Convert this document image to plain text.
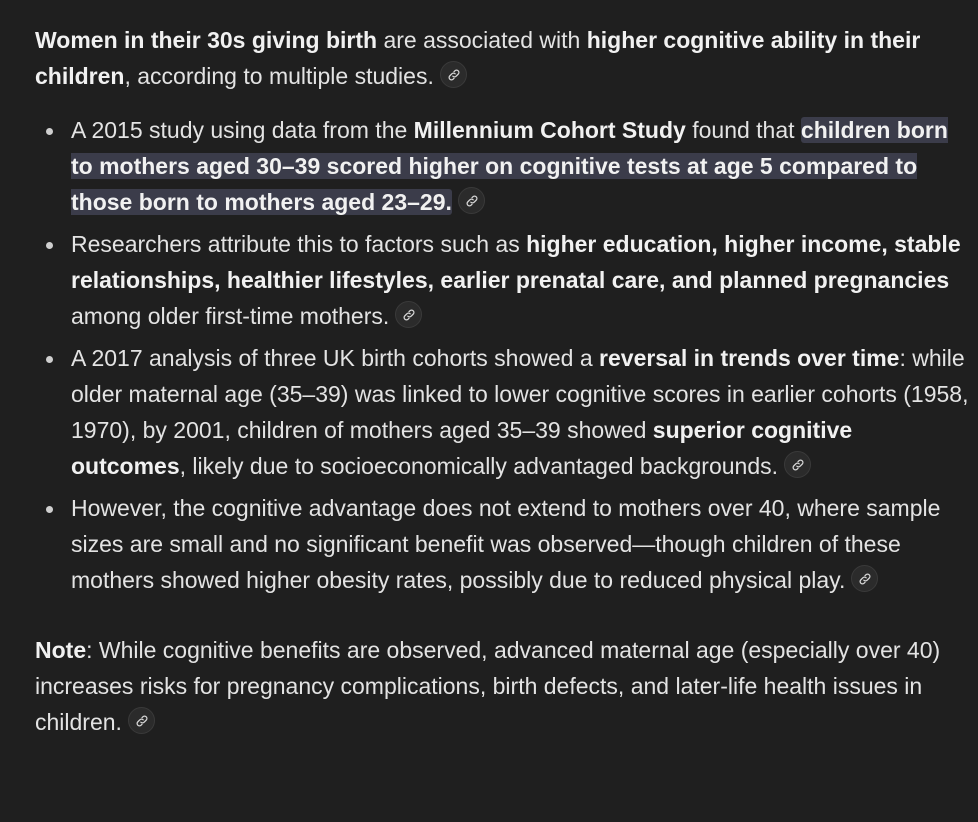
Women in their 30s giving birth are associated with higher cognitive ability in their children, according to multiple studies.

A 2015 study using data from the Millennium Cohort Study found that children born to mothers aged 30–39 scored higher on cognitive tests at age 5 compared to those born to mothers aged 23–29.
Researchers attribute this to factors such as higher education, higher income, stable relationships, healthier lifestyles, earlier prenatal care, and planned pregnancies among older first-time mothers.
A 2017 analysis of three UK birth cohorts showed a reversal in trends over time: while older maternal age (35–39) was linked to lower cognitive scores in earlier cohorts (1958, 1970), by 2001, children of mothers aged 35–39 showed superior cognitive outcomes, likely due to socioeconomically advantaged backgrounds.
However, the cognitive advantage does not extend to mothers over 40, where sample sizes are small and no significant benefit was observed—though children of these mothers showed higher obesity rates, possibly due to reduced physical play.

Note: While cognitive benefits are observed, advanced maternal age (especially over 40) increases risks for pregnancy complications, birth defects, and later-life health issues in children.
